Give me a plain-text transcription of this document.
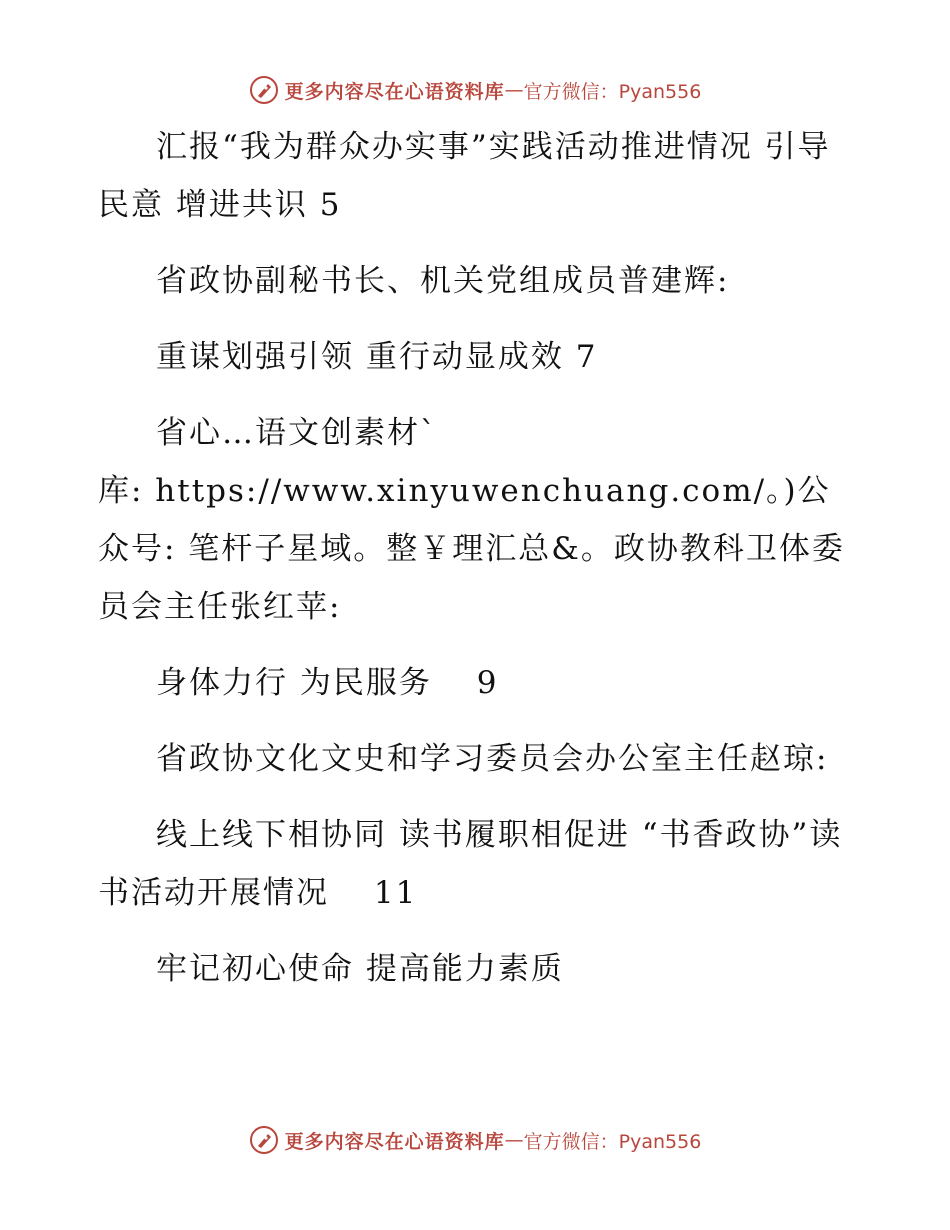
更多内容尽在心语资料库 — 官方微信：Pyan556

汇报“我为群众办实事”实践活动推进情况 引导民意 增进共识 5

省政协副秘书长、机关党组成员普建辉:

重谋划强引领 重行动显成效 7

省心…语文创素材`

库: https://www.xinyuwenchuang.com/。)公众号: 笔杆子星域。整￥理汇总&。政协教科卫体委员会主任张红苹:

身体力行 为民服务　 9

省政协文化文史和学习委员会办公室主任赵琼:

线上线下相协同 读书履职相促进 “书香政协”读书活动开展情况　 11

牢记初心使命 提高能力素质

更多内容尽在心语资料库 — 官方微信：Pyan556
